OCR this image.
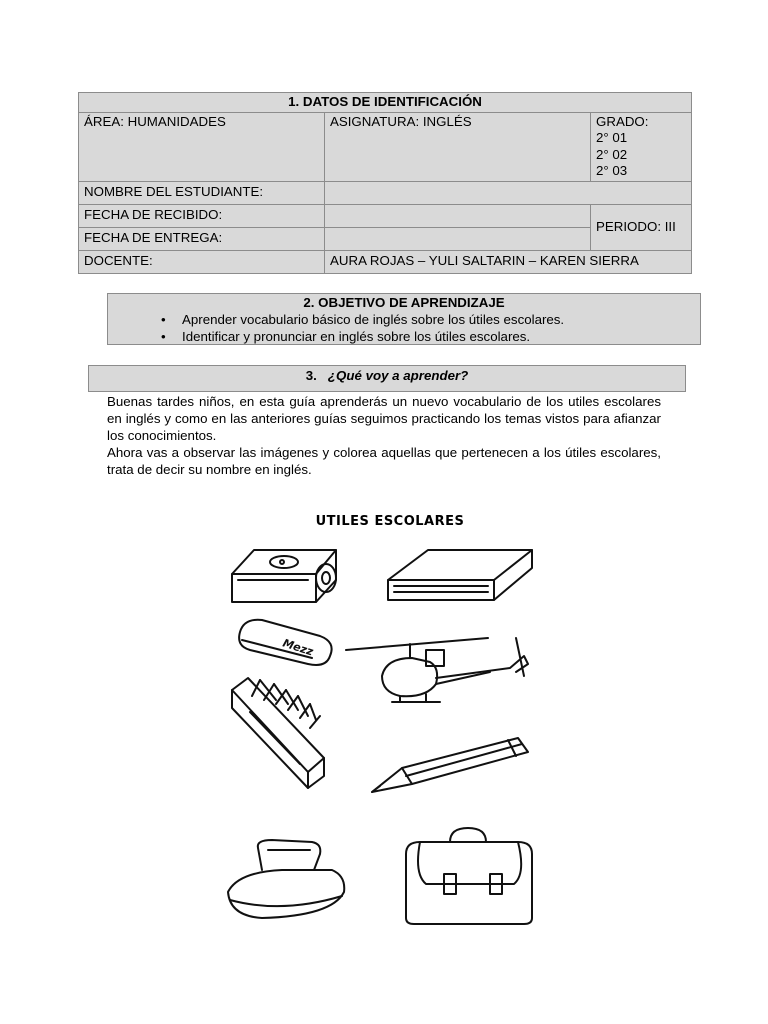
1. DATOS DE IDENTIFICACIÓN		
ÁREA: HUMANIDADES	ASIGNATURA: INGLÉS	GRADO:
2° 01
2° 02
2° 03

NOMBRE DEL ESTUDIANTE:		
FECHA DE RECIBIDO:		PERIODO: III
FECHA DE ENTREGA:		
DOCENTE:	AURA ROJAS – YULI SALTARIN – KAREN SIERRA	
2. OBJETIVO DE APRENDIZAJE
• Aprender vocabulario básico de inglés sobre los útiles escolares.
• Identificar y pronunciar en inglés sobre los útiles escolares.
3. ¿Qué voy a aprender?

Buenas tardes niños, en esta guía aprenderás un nuevo vocabulario de los utiles escolares en inglés y como en las anteriores guías seguimos practicando los temas vistos para afianzar los conocimientos.

Ahora vas a observar las imágenes y colorea aquellas que pertenecen a los útiles escolares, trata de decir su nombre en inglés.

UTILES ESCOLARES
Mezz
